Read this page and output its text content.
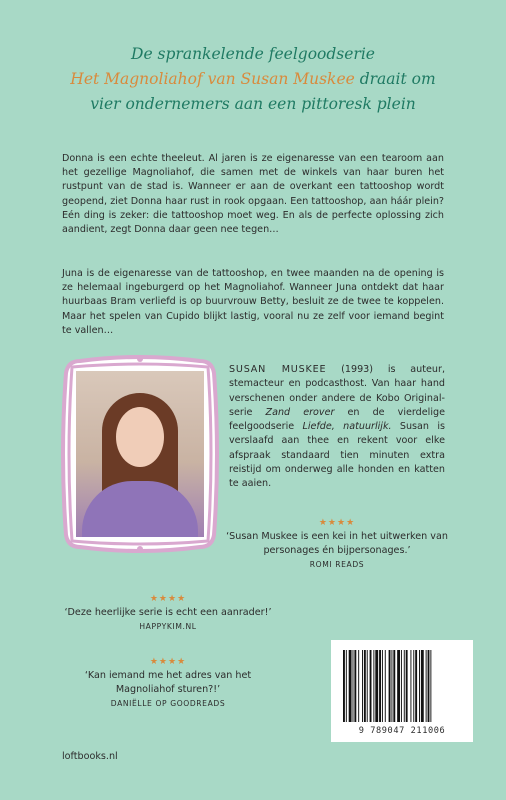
De sprankelende feelgoodserie
Het Magnoliahof van Susan Muskee draait om
vier ondernemers aan een pittoresk plein
Donna is een echte theeleut. Al jaren is ze eigenaresse van een tearoom aan het gezellige Magnoliahof, die samen met de winkels van haar buren het rustpunt van de stad is. Wanneer er aan de overkant een tattooshop wordt geopend, ziet Donna haar rust in rook opgaan. Een tattooshop, aan háár plein? Eén ding is zeker: die tattooshop moet weg. En als de perfecte oplossing zich aandient, zegt Donna daar geen nee tegen…
Juna is de eigenaresse van de tattooshop, en twee maanden na de opening is ze helemaal ingeburgerd op het Magnoliahof. Wanneer Juna ontdekt dat haar huurbaas Bram verliefd is op buurvrouw Betty, besluit ze de twee te koppelen. Maar het spelen van Cupido blijkt lastig, vooral nu ze zelf voor iemand begint te vallen…
SUSAN MUSKEE (1993) is auteur, stemacteur en podcasthost. Van haar hand verschenen onder andere de Kobo Original-serie Zand erover en de vierdelige feelgoodserie Liefde, natuurlijk. Susan is verslaafd aan thee en rekent voor elke afspraak standaard tien minuten extra reistijd om onderweg alle honden en katten te aaien.
★★★★
‘Susan Muskee is een kei in het uitwerken van personages én bijpersonages.’
ROMI READS
★★★★
‘Deze heerlijke serie is echt een aanrader!’
HAPPYKIM.NL
★★★★
‘Kan iemand me het adres van het Magnoliahof sturen?!’
DANIËLLE OP GOODREADS
loftbooks.nl
9 789047 211006
